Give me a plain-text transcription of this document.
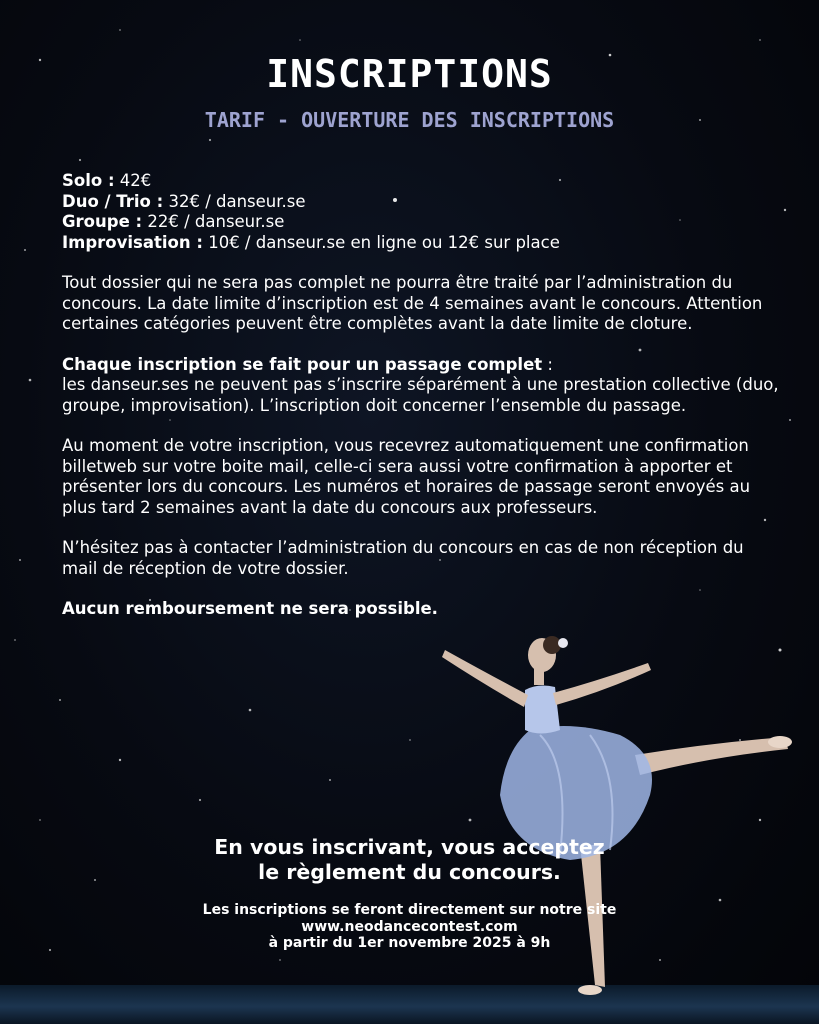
INSCRIPTIONS
TARIF - OUVERTURE DES INSCRIPTIONS

Solo : 42€
Duo / Trio : 32€ / danseur.se
Groupe : 22€ / danseur.se
Improvisation : 10€ / danseur.se en ligne ou 12€ sur place

Tout dossier qui ne sera pas complet ne pourra être traité par l’administration du concours. La date limite d’inscription est de 4 semaines avant le concours. Attention certaines catégories peuvent être complètes avant la date limite de cloture.

Chaque inscription se fait pour un passage complet :
les danseur.ses ne peuvent pas s’inscrire séparément à une prestation collective (duo, groupe, improvisation). L’inscription doit concerner l’ensemble du passage.

Au moment de votre inscription, vous recevrez automatiquement une confirmation billetweb sur votre boite mail, celle-ci sera aussi votre confirmation à apporter et présenter lors du concours. Les numéros et horaires de passage seront envoyés au plus tard 2 semaines avant la date du concours aux professeurs.

N’hésitez pas à contacter l’administration du concours en cas de non réception du mail de réception de votre dossier.

Aucun remboursement ne sera possible.

En vous inscrivant, vous acceptez
le règlement du concours.
Les inscriptions se feront directement sur notre site
www.neodancecontest.com
à partir du 1er novembre 2025 à 9h
